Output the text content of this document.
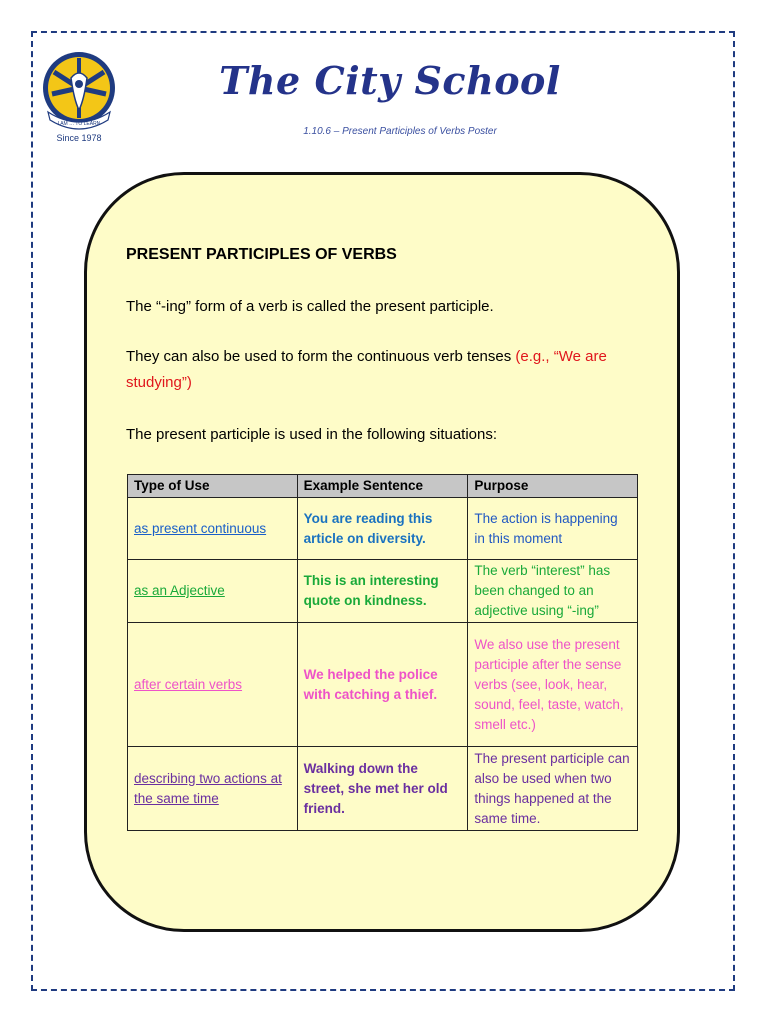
I AM … TO LEARN
Since 1978
The City School
1.10.6 – Present Participles of Verbs Poster
PRESENT PARTICIPLES OF VERBS
The “-ing” form of a verb is called the present participle.
They can also be used to form the continuous verb tenses (e.g., “We are studying”)
The present participle is used in the following situations:
Type of Use	Example Sentence	Purpose
as present continuous	You are reading this article on diversity.	The action is happening in this moment
as an Adjective	This is an interesting quote on kindness.	The verb “interest” has been changed to an adjective using “-ing”
after certain verbs	We helped the police with catching a thief.	We also use the present participle after the sense verbs (see, look, hear, sound, feel, taste, watch, smell etc.)
describing two actions at the same time	Walking down the street, she met her old friend.	The present participle can also be used when two things happened at the same time.
